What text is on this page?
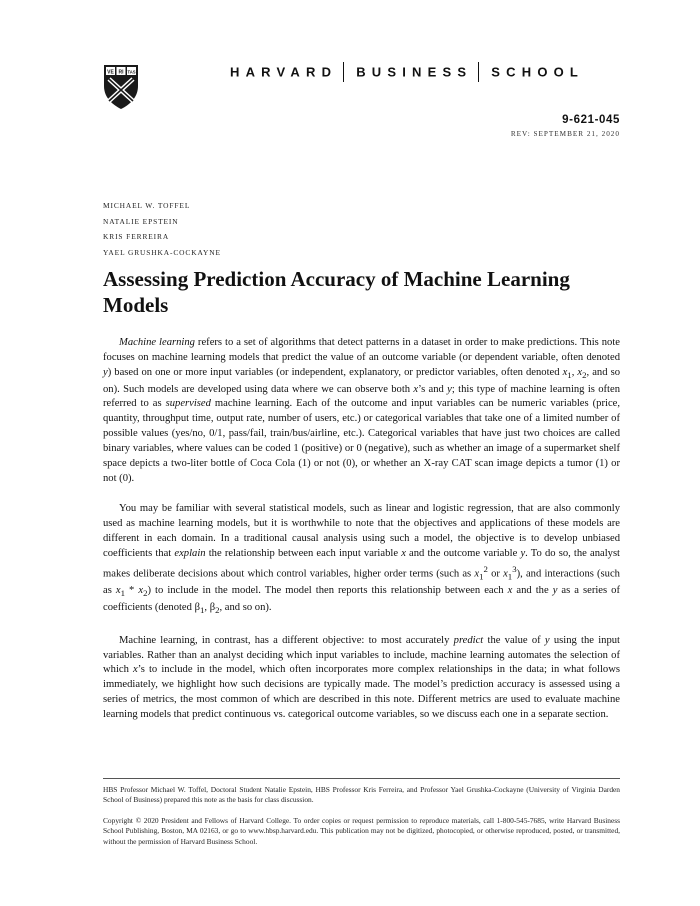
VE RI TAS	HARVARD BUSINESS SCHOOL
9-621-045
REV: SEPTEMBER 21, 2020
MICHAEL W. TOFFEL
NATALIE EPSTEIN
KRIS FERREIRA
YAEL GRUSHKA-COCKAYNE
Assessing Prediction Accuracy of Machine Learning Models

Machine learning refers to a set of algorithms that detect patterns in a dataset in order to make predictions. This note focuses on machine learning models that predict the value of an outcome variable (or dependent variable, often denoted y) based on one or more input variables (or independent, explanatory, or predictor variables, often denoted $x_1$, $x_2$, and so on). Such models are developed using data where we can observe both x’s and y; this type of machine learning is often referred to as supervised machine learning. Each of the outcome and input variables can be numeric variables (price, quantity, throughput time, output rate, number of users, etc.) or categorical variables that take one of a limited number of possible values (yes/no, 0/1, pass/fail, train/bus/airline, etc.). Categorical variables that have just two choices are called binary variables, where values can be coded 1 (positive) or 0 (negative), such as whether an image of a supermarket shelf space depicts a two-liter bottle of Coca Cola (1) or not (0), or whether an X-ray CAT scan image depicts a tumor (1) or not (0).

You may be familiar with several statistical models, such as linear and logistic regression, that are also commonly used as machine learning models, but it is worthwhile to note that the objectives and applications of these models are different in each domain. In a traditional causal analysis using such a model, the objective is to develop unbiased coefficients that explain the relationship between each input variable x and the outcome variable y. To do so, the analyst makes deliberate decisions about which control variables, higher order terms (such as $x_1^2$ or $x_1^3$), and interactions (such as $x_1 * x_2$) to include in the model. The model then reports this relationship between each x and the y as a series of coefficients (denoted $\beta_1$, $\beta_2$, and so on).

Machine learning, in contrast, has a different objective: to most accurately predict the value of y using the input variables. Rather than an analyst deciding which input variables to include, machine learning automates the selection of which x’s to include in the model, which often incorporates more complex relationships in the data; in what follows immediately, we highlight how such decisions are typically made. The model’s prediction accuracy is assessed using a series of metrics, the most common of which are described in this note. Different metrics are used to evaluate machine learning models that predict continuous vs. categorical outcome variables, so we discuss each one in a separate section.

HBS Professor Michael W. Toffel, Doctoral Student Natalie Epstein, HBS Professor Kris Ferreira, and Professor Yael Grushka-Cockayne (University of Virginia Darden School of Business) prepared this note as the basis for class discussion.

Copyright © 2020 President and Fellows of Harvard College. To order copies or request permission to reproduce materials, call 1-800-545-7685, write Harvard Business School Publishing, Boston, MA 02163, or go to www.hbsp.harvard.edu. This publication may not be digitized, photocopied, or otherwise reproduced, posted, or transmitted, without the permission of Harvard Business School.
